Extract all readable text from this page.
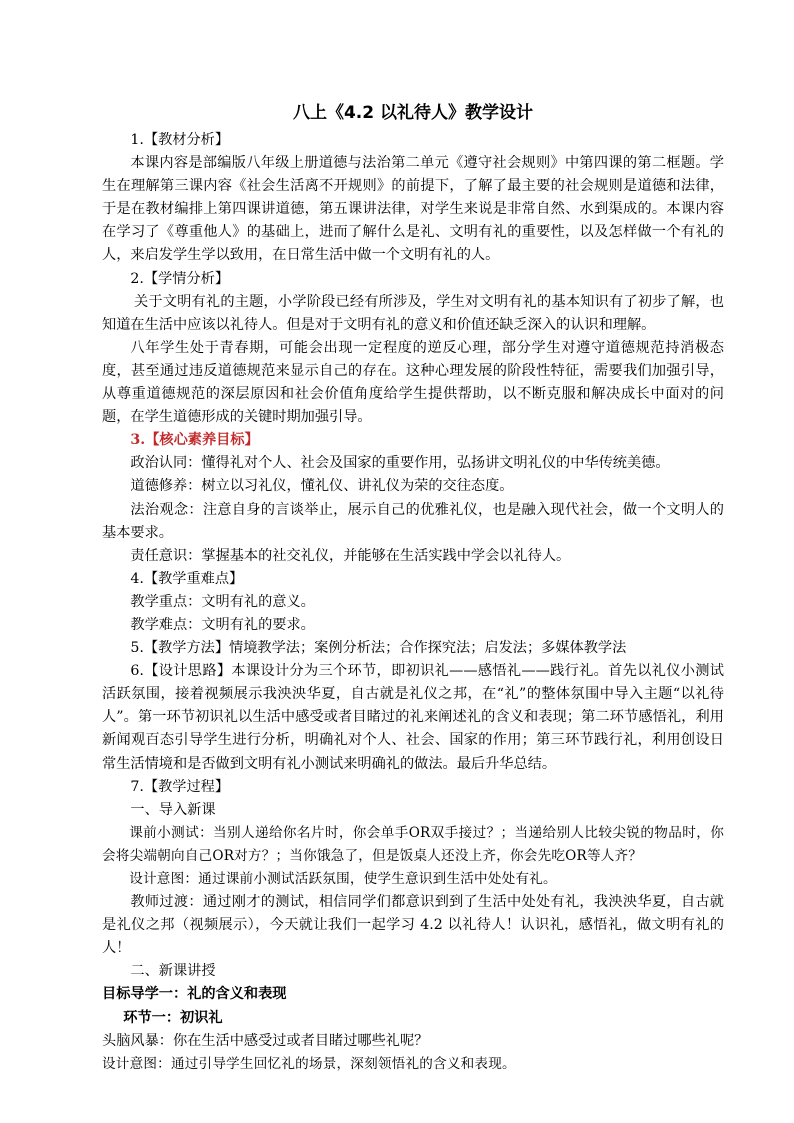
八上《4.2 以礼待人》教学设计

1.【教材分析】

本课内容是部编版八年级上册道德与法治第二单元《遵守社会规则》中第四课的第二框题。学生在理解第三课内容《社会生活离不开规则》的前提下，了解了最主要的社会规则是道德和法律，于是在教材编排上第四课讲道德，第五课讲法律，对学生来说是非常自然、水到渠成的。本课内容在学习了《尊重他人》的基础上，进而了解什么是礼、文明有礼的重要性，以及怎样做一个有礼的人，来启发学生学以致用，在日常生活中做一个文明有礼的人。

2.【学情分析】

关于文明有礼的主题，小学阶段已经有所涉及，学生对文明有礼的基本知识有了初步了解，也知道在生活中应该以礼待人。但是对于文明有礼的意义和价值还缺乏深入的认识和理解。

八年学生处于青春期，可能会出现一定程度的逆反心理，部分学生对遵守道德规范持消极态度，甚至通过违反道德规范来显示自己的存在。这种心理发展的阶段性特征，需要我们加强引导，从尊重道德规范的深层原因和社会价值角度给学生提供帮助，以不断克服和解决成长中面对的问题，在学生道德形成的关键时期加强引导。

3.【核心素养目标】

政治认同：懂得礼对个人、社会及国家的重要作用，弘扬讲文明礼仪的中华传统美德。

道德修养：树立以习礼仪，懂礼仪、讲礼仪为荣的交往态度。

法治观念：注意自身的言谈举止，展示自己的优雅礼仪，也是融入现代社会，做一个文明人的基本要求。

责任意识：掌握基本的社交礼仪，并能够在生活实践中学会以礼待人。

4.【教学重难点】

教学重点：文明有礼的意义。

教学难点：文明有礼的要求。

5.【教学方法】情境教学法；案例分析法；合作探究法；启发法；多媒体教学法

6.【设计思路】本课设计分为三个环节，即初识礼——感悟礼——践行礼。首先以礼仪小测试活跃氛围，接着视频展示我泱泱华夏，自古就是礼仪之邦，在“礼”的整体氛围中导入主题“以礼待人”。第一环节初识礼以生活中感受或者目睹过的礼来阐述礼的含义和表现；第二环节感悟礼，利用新闻观百态引导学生进行分析，明确礼对个人、社会、国家的作用；第三环节践行礼，利用创设日常生活情境和是否做到文明有礼小测试来明确礼的做法。最后升华总结。

7.【教学过程】

一、导入新课

课前小测试：当别人递给你名片时，你会单手OR双手接过？；当递给别人比较尖锐的物品时，你会将尖端朝向自己OR对方？；当你饿急了，但是饭桌人还没上齐，你会先吃OR等人齐？

设计意图：通过课前小测试活跃氛围，使学生意识到生活中处处有礼。

教师过渡：通过刚才的测试，相信同学们都意识到到了生活中处处有礼，我泱泱华夏，自古就是礼仪之邦（视频展示），今天就让我们一起学习 4.2 以礼待人！认识礼，感悟礼，做文明有礼的人！

二、新课讲授

目标导学一：礼的含义和表现

环节一：初识礼

头脑风暴：你在生活中感受过或者目睹过哪些礼呢？

设计意图：通过引导学生回忆礼的场景，深刻领悟礼的含义和表现。
